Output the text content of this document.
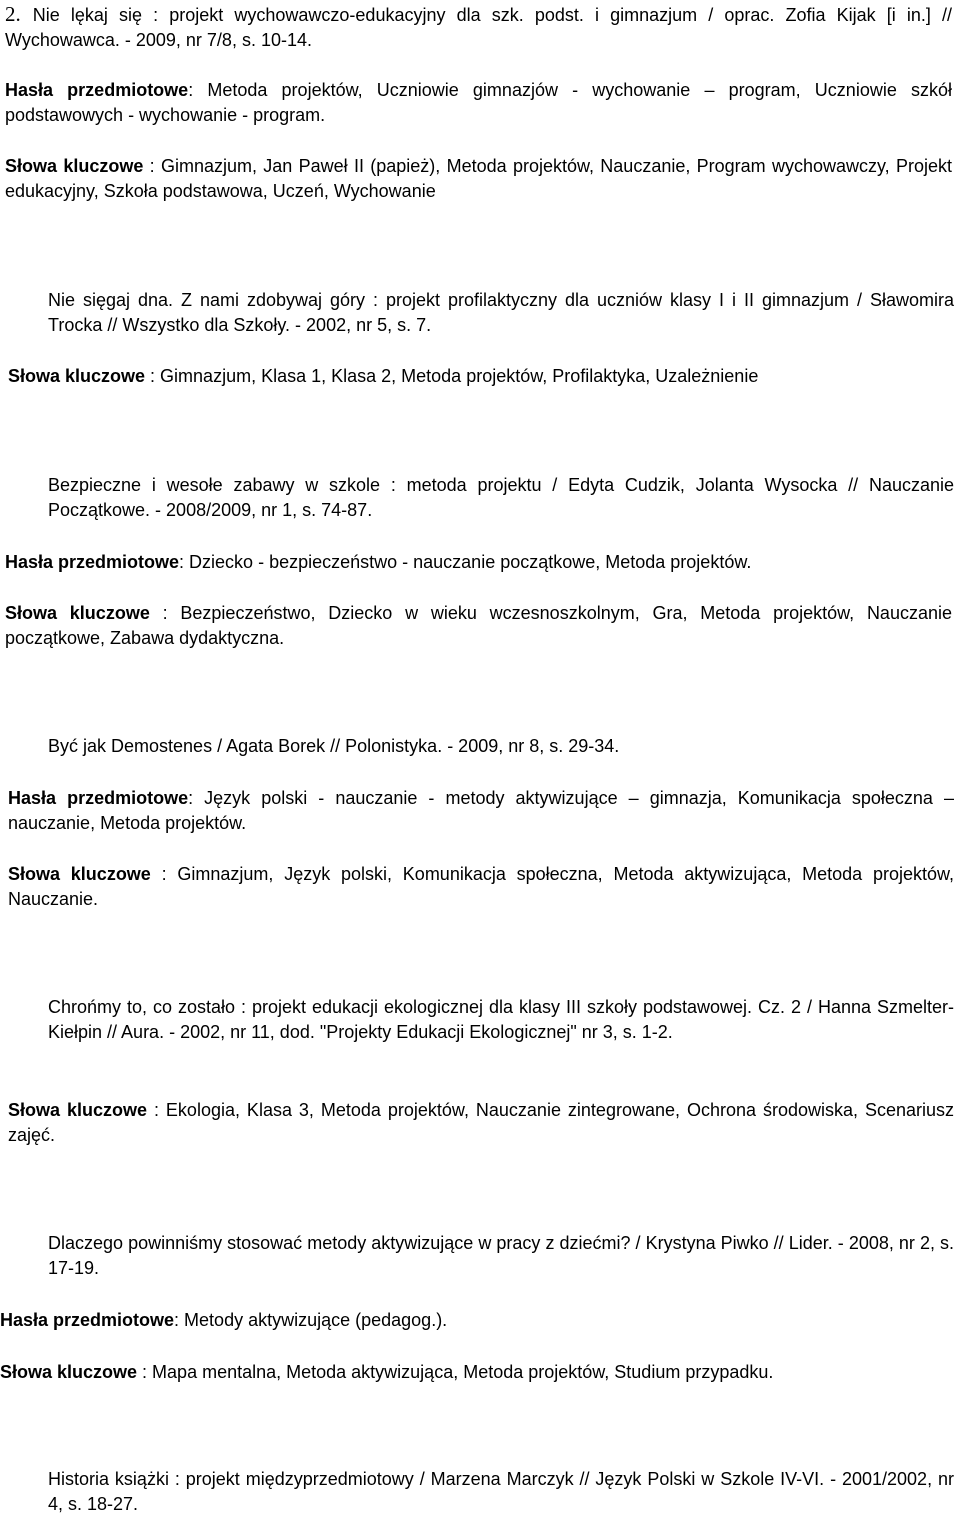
2. Nie lękaj się : projekt wychowawczo-edukacyjny dla szk. podst. i gimnazjum / oprac. Zofia Kijak [i in.] // Wychowawca. - 2009, nr 7/8, s. 10-14.

Hasła przedmiotowe: Metoda projektów, Uczniowie gimnazjów - wychowanie – program, Uczniowie szkół podstawowych - wychowanie - program.

Słowa kluczowe : Gimnazjum, Jan Paweł II (papież), Metoda projektów, Nauczanie, Program wychowawczy, Projekt edukacyjny, Szkoła podstawowa, Uczeń, Wychowanie

Nie sięgaj dna. Z nami zdobywaj góry : projekt profilaktyczny dla uczniów klasy I i II gimnazjum / Sławomira Trocka // Wszystko dla Szkoły. - 2002, nr 5, s. 7.

Słowa kluczowe : Gimnazjum, Klasa 1, Klasa 2, Metoda projektów, Profilaktyka, Uzależnienie

Bezpieczne i wesołe zabawy w szkole : metoda projektu / Edyta Cudzik, Jolanta Wysocka // Nauczanie Początkowe. - 2008/2009, nr 1, s. 74-87.

Hasła przedmiotowe: Dziecko - bezpieczeństwo - nauczanie początkowe, Metoda projektów.

Słowa kluczowe : Bezpieczeństwo, Dziecko w wieku wczesnoszkolnym, Gra, Metoda projektów, Nauczanie początkowe, Zabawa dydaktyczna.

Być jak Demostenes / Agata Borek // Polonistyka. - 2009, nr 8, s. 29-34.

Hasła przedmiotowe: Język polski - nauczanie - metody aktywizujące – gimnazja, Komunikacja społeczna – nauczanie, Metoda projektów.

Słowa kluczowe : Gimnazjum, Język polski, Komunikacja społeczna, Metoda aktywizująca, Metoda projektów, Nauczanie.

Chrońmy to, co zostało : projekt edukacji ekologicznej dla klasy III szkoły podstawowej. Cz. 2 / Hanna Szmelter-Kiełpin // Aura. - 2002, nr 11, dod. "Projekty Edukacji Ekologicznej" nr 3, s. 1-2.

Słowa kluczowe : Ekologia, Klasa 3, Metoda projektów, Nauczanie zintegrowane, Ochrona środowiska, Scenariusz zajęć.

Dlaczego powinniśmy stosować metody aktywizujące w pracy z dziećmi? / Krystyna Piwko // Lider. - 2008, nr 2, s. 17-19.

Hasła przedmiotowe: Metody aktywizujące (pedagog.).

Słowa kluczowe : Mapa mentalna, Metoda aktywizująca, Metoda projektów, Studium przypadku.

Historia książki : projekt międzyprzedmiotowy / Marzena Marczyk // Język Polski w Szkole IV-VI. - 2001/2002, nr 4, s. 18-27.
